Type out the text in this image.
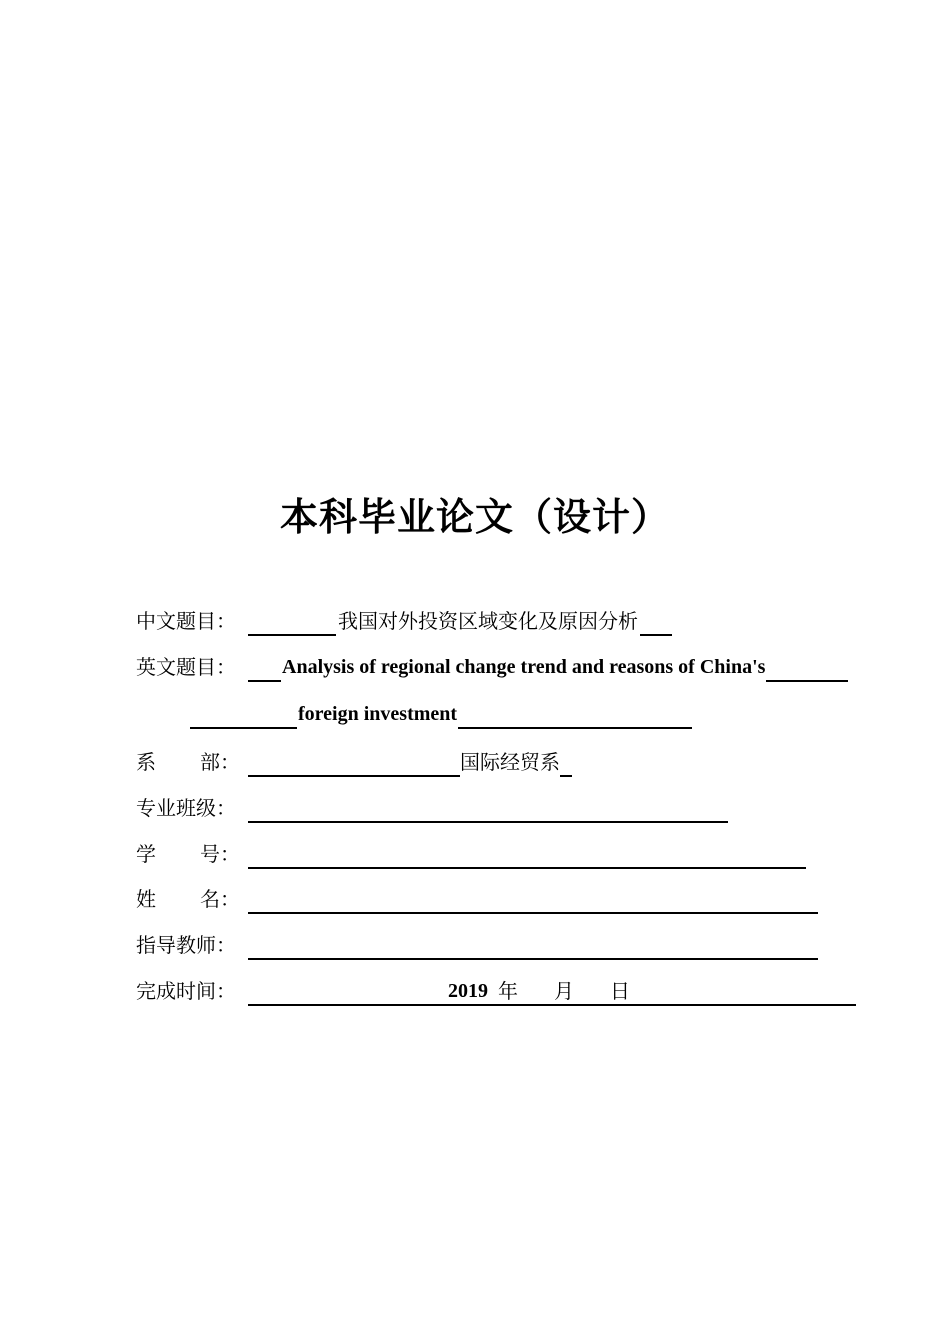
本科毕业论文（设计）
中文题目：	我国对外投资区域变化及原因分析
英文题目： Analysis of regional change trend and reasons of China's
foreign investment
系 部：	国际经贸系
专业班级：
学 号：
姓 名：
指导教师：
完成时间：	2019 年 月 日
